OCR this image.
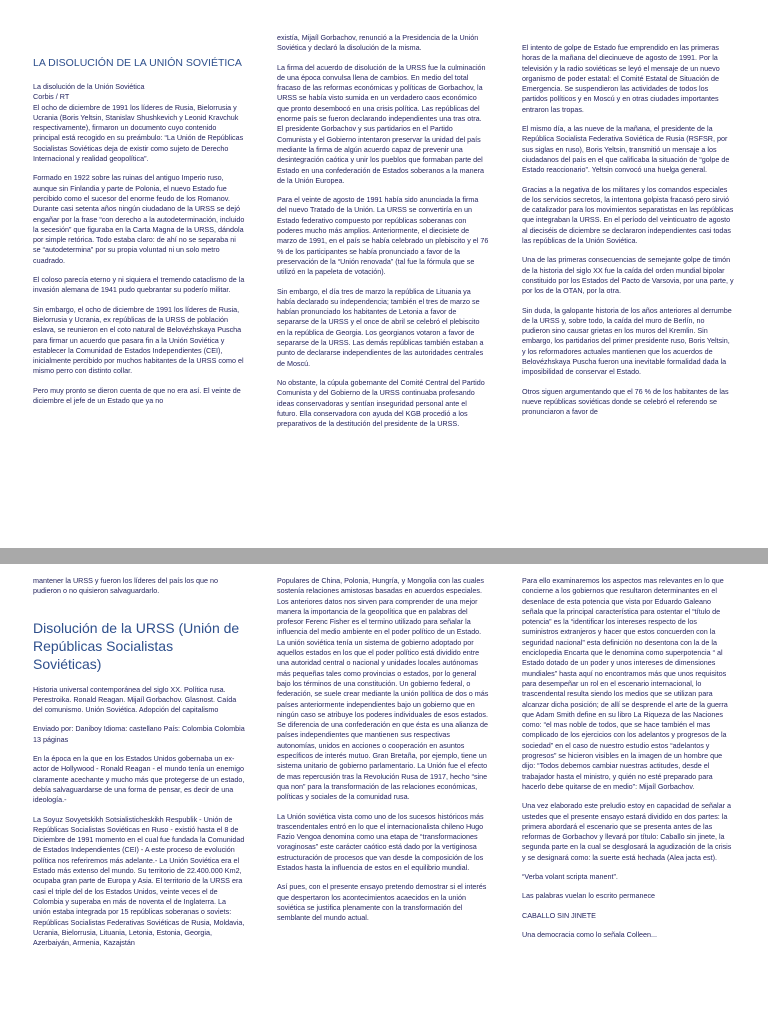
LA DISOLUCIÓN DE LA UNIÓN SOVIÉTICA

La disolución de la Unión Soviética
Corbis / RT
El ocho de diciembre de 1991 los líderes de Rusia, Bielorrusia y Ucrania (Boris Yeltsin, Stanislav Shushkevich y Leonid Kravchuk respectivamente), firmaron un documento cuyo contenido principal está recogido en su preámbulo: “La Unión de Repúblicas Socialistas Soviéticas deja de existir como sujeto de Derecho Internacional y realidad geopolítica”.

Formado en 1922 sobre las ruinas del antiguo Imperio ruso, aunque sin Finlandia y parte de Polonia, el nuevo Estado fue percibido como el sucesor del enorme feudo de los Romanov. Durante casi setenta años ningún ciudadano de la URSS se dejó engañar por la frase “con derecho a la autodeterminación, incluido la secesión” que figuraba en la Carta Magna de la URSS, dándola por simple retórica. Todo estaba claro: de ahí no se separaba ni se “autodetermina” por su propia voluntad ni un solo metro cuadrado.

El coloso parecía eterno y ni siquiera el tremendo cataclismo de la invasión alemana de 1941 pudo quebrantar su poderío militar.

Sin embargo, el ocho de diciembre de 1991 los líderes de Rusia, Bielorrusia y Ucrania, ex repúblicas de la URSS de población eslava, se reunieron en el coto natural de Belovézhskaya Puscha para firmar un acuerdo que pasara fin a la Unión Soviética y establecer la Comunidad de Estados Independientes (CEI), inicialmente percibido por muchos habitantes de la URSS como el mismo perro con distinto collar.

Pero muy pronto se dieron cuenta de que no era así. El veinte de diciembre el jefe de un Estado que ya no

existía, Mijaíl Gorbachov, renunció a la Presidencia de la Unión Soviética y declaró la disolución de la misma.

La firma del acuerdo de disolución de la URSS fue la culminación de una época convulsa llena de cambios. En medio del total fracaso de las reformas económicas y políticas de Gorbachov, la URSS se había visto sumida en un verdadero caos económico que pronto desembocó en una crisis política. Las repúblicas del enorme país se fueron declarando independientes una tras otra. El presidente Gorbachov y sus partidarios en el Partido Comunista y el Gobierno intentaron preservar la unidad del país mediante la firma de algún acuerdo capaz de prevenir una desintegración caótica y unir los pueblos que formaban parte del Estado en una confederación de Estados soberanos a la manera de la Unión Europea.

Para el veinte de agosto de 1991 había sido anunciada la firma del nuevo Tratado de la Unión. La URSS se convertiría en un Estado federativo compuesto por repúblicas soberanas con poderes mucho más amplios. Anteriormente, el diecisiete de marzo de 1991, en el país se había celebrado un plebiscito y el 76 % de los participantes se había pronunciado a favor de la preservación de la “Unión renovada” (tal fue la fórmula que se utilizó en la papeleta de votación).

Sin embargo, el día tres de marzo la república de Lituania ya había declarado su independencia; también el tres de marzo se habían pronunciado los habitantes de Letonia a favor de separarse de la URSS y el once de abril se celebró el plebiscito en la república de Georgia. Los georgianos votaron a favor de separarse de la URSS. Las demás repúblicas también estaban a punto de declararse independientes de las autoridades centrales de Moscú.

No obstante, la cúpula gobernante del Comité Central del Partido Comunista y del Gobierno de la URSS continuaba profesando ideas conservadoras y sentían inseguridad personal ante el futuro. Ella conservadora con ayuda del KGB procedió a los preparativos de la destitución del presidente de la URSS.

El intento de golpe de Estado fue emprendido en las primeras horas de la mañana del diecinueve de agosto de 1991. Por la televisión y la radio soviéticas se leyó el mensaje de un nuevo organismo de poder estatal: el Comité Estatal de Situación de Emergencia. Se suspendieron las actividades de todos los partidos políticos y en Moscú y en otras ciudades importantes entraron las tropas.

El mismo día, a las nueve de la mañana, el presidente de la República Socialista Federativa Soviética de Rusia (RSFSR, por sus siglas en ruso), Boris Yeltsin, transmitió un mensaje a los ciudadanos del país en el que calificaba la situación de “golpe de Estado reaccionario”. Yeltsin convocó una huelga general.

Gracias a la negativa de los militares y los comandos especiales de los servicios secretos, la intentona golpista fracasó pero sirvió de catalizador para los movimientos separatistas en las repúblicas que integraban la URSS. En el período del veinticuatro de agosto al dieciséis de diciembre se declararon independientes casi todas las repúblicas de la Unión Soviética.

Una de las primeras consecuencias de semejante golpe de timón de la historia del siglo XX fue la caída del orden mundial bipolar constituido por los Estados del Pacto de Varsovia, por una parte, y por los de la OTAN, por la otra.

Sin duda, la galopante historia de los años anteriores al derrumbe de la URSS y, sobre todo, la caída del muro de Berlín, no pudieron sino causar grietas en los muros del Kremlin. Sin embargo, los partidarios del primer presidente ruso, Boris Yeltsin, y los reformadores actuales mantienen que los acuerdos de Belovézhskaya Puscha fueron una inevitable formalidad dada la imposibilidad de conservar el Estado.

Otros siguen argumentando que el 76 % de los habitantes de las nueve repúblicas soviéticas donde se celebró el referendo se pronunciaron a favor de

mantener la URSS y fueron los líderes del país los que no pudieron o no quisieron salvaguardarlo.

Disolución de la URSS (Unión de Repúblicas Socialistas Soviéticas)

Historia universal contemporánea del siglo XX. Política rusa. Perestroika. Ronald Reagan. Mijaíl Gorbachov. Glasnost. Caída del comunismo. Unión Soviética. Adopción del capitalismo

Enviado por: Daniboy Idioma: castellano País: Colombia Colombia 13 páginas

En la época en la que en los Estados Unidos gobernaba un ex-actor de Hollywood - Ronald Reagan - el mundo tenía un enemigo claramente acechante y mucho más que protegerse de un estado, debía salvaguardarse de una forma de pensar, es decir de una ideología.-

La Soyuz Sovyetskikh Sotsialisticheskikh Respublik - Unión de Repúblicas Socialistas Soviéticas en Ruso - existió hasta el 8 de Diciembre de 1991 momento en el cual fue fundada la Comunidad de Estados Independientes (CEI) - A este proceso de evolución política nos referiremos más adelante.- La Unión Soviética era el Estado más extenso del mundo. Su territorio de 22.400.000 Km2, ocupaba gran parte de Europa y Asia. El territorio de la URSS era casi el triple del de los Estados Unidos, veinte veces el de Colombia y superaba en más de noventa el de Inglaterra. La unión estaba integrada por 15 repúblicas soberanas o soviets: Repúblicas Socialistas Federativas Soviéticas de Rusia, Moldavia, Ucrania, Bielorrusia, Lituania, Letonia, Estonia, Georgia, Azerbaiyán, Armenia, Kazajstán

Populares de China, Polonia, Hungría, y Mongolia con las cuales sostenía relaciones amistosas basadas en acuerdos especiales. Los anteriores datos nos sirven para comprender de una mejor manera la importancia de la geopolítica que en palabras del profesor Ferenc Fisher es el termino utilizado para señalar la influencia del medio ambiente en el poder político de un Estado. La unión soviética tenía un sistema de gobierno adoptado por aquellos estados en los que el poder político está dividido entre una autoridad central o nacional y unidades locales autónomas más pequeñas tales como provincias o estados, por lo general bajo los términos de una constitución. Un gobierno federal, o federación, se suele crear mediante la unión política de dos o más países anteriormente independientes bajo un gobierno que en ningún caso se atribuye los poderes individuales de esos estados. Se diferencia de una confederación en que ésta es una alianza de países independientes que mantienen sus respectivas autonomías, unidos en acciones o cooperación en asuntos específicos de interés mutuo. Gran Bretaña, por ejemplo, tiene un sistema unitario de gobierno parlamentario. La Unión fue el efecto de mas repercusión tras la Revolución Rusa de 1917, hecho “sine qua non” para la transformación de las relaciones económicas, políticas y sociales de la comunidad rusa.

La Unión soviética vista como uno de los sucesos históricos más trascendentales entró en lo que el internacionalista chileno Hugo Fazio Vengoa denomina como una etapa de “transformaciones voraginosas” este carácter caótico está dado por la vertiginosa estructuración de procesos que van desde la composición de los Estados hasta la influencia de estos en el equilibrio mundial.

Así pues, con el presente ensayo pretendo demostrar si el interés que despertaron los acontecimientos acaecidos en la unión soviética se justifica plenamente con la transformación del semblante del mundo actual.

Para ello examinaremos los aspectos mas relevantes en lo que concierne a los gobiernos que resultaron determinantes en el desenlace de esta potencia que vista por Eduardo Galeano señala que la principal característica para ostentar el “título de potencia” es la “identificar los intereses respecto de los suministros extranjeros y hacer que estos concuerden con la seguridad nacional” esta definición no desentona con la de la enciclopedia Encarta que le denomina como superpotencia “ al Estado dotado de un poder y unos intereses de dimensiones mundiales” hasta aquí no encontramos más que unos requisitos para desempeñar un rol en el escenario internacional, lo trascendental resulta siendo los medios que se utilizan para alcanzar dicha posición; de allí se desprende el arte de la guerra que Adam Smith define en su libro La Riqueza de las Naciones como: “el mas noble de todos, que se hace también el mas complicado de los ejercicios con los adelantos y progresos de la sociedad” en el caso de nuestro estudio estos “adelantos y progresos” se hicieron visibles en la imagen de un hombre que dijo: “Todos debemos cambiar nuestras actitudes, desde el trabajador hasta el ministro, y quién no esté preparado para hacerlo debe quitarse de en medio”: Mijaíl Gorbachov.

Una vez elaborado este preludio estoy en capacidad de señalar a ustedes que el presente ensayo estará dividido en dos partes: la primera abordará el escenario que se presenta antes de las reformas de Gorbachov y llevará por título: Caballo sin jinete, la segunda parte en la cual se desglosará la agudización de la crisis y se designará como: la suerte está hechada (Alea jacta est).

“Verba volant scripta manent”.

Las palabras vuelan lo escrito permanece

CABALLO SIN JINETE

Una democracia como lo señala Colleen...
